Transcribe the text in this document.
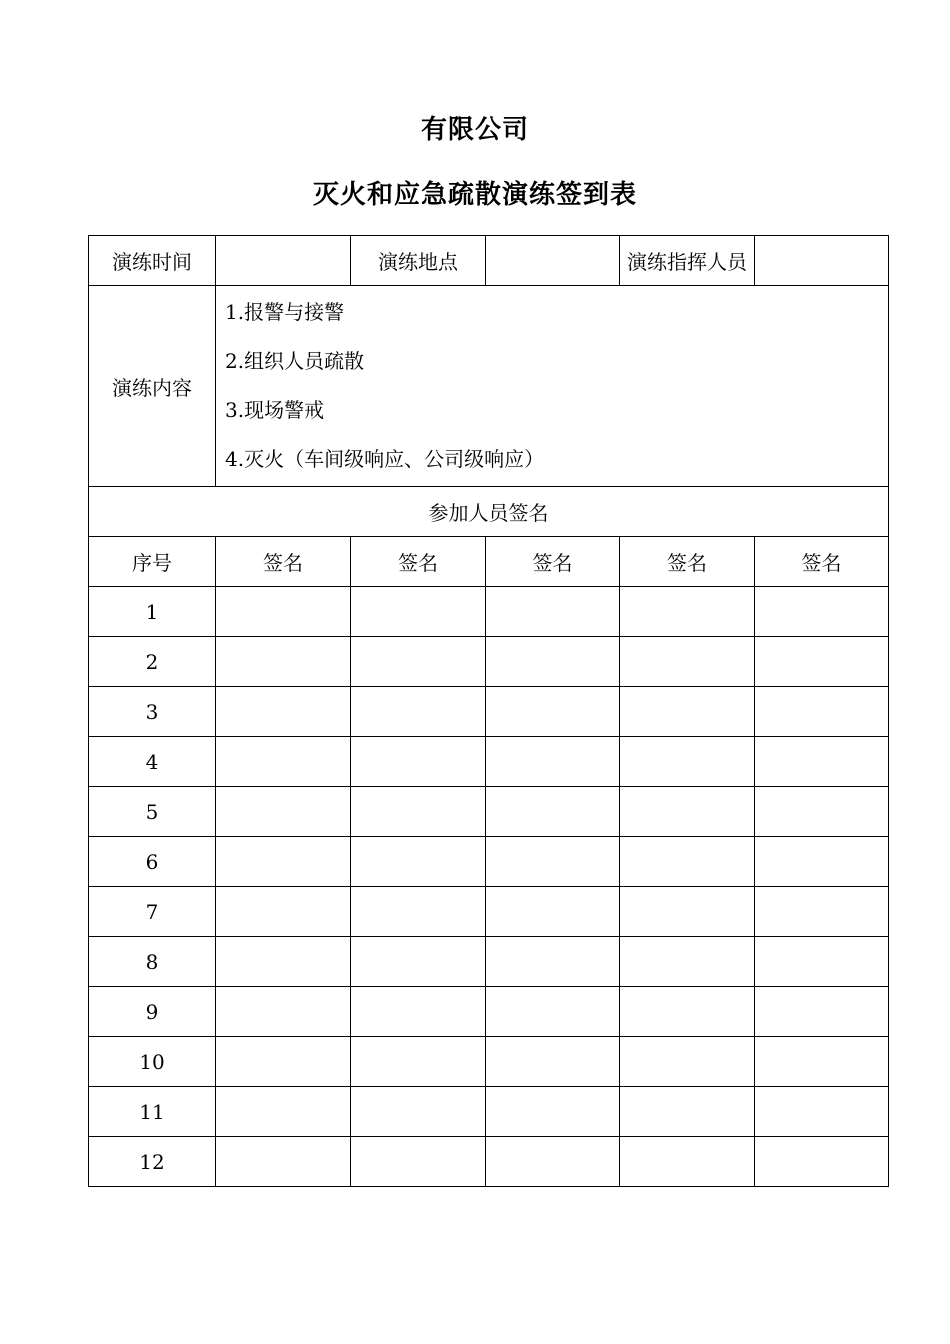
有限公司
灭火和应急疏散演练签到表
演练时间		演练地点		演练指挥人员	
演练内容	1.报警与接警
2.组织人员疏散
3.现场警戒
4.灭火（车间级响应、公司级响应）				

参加人员签名					
序号	签名	签名	签名	签名	签名
1					
2					
3					
4					
5					
6					
7					
8					
9					
10					
11					
12					
